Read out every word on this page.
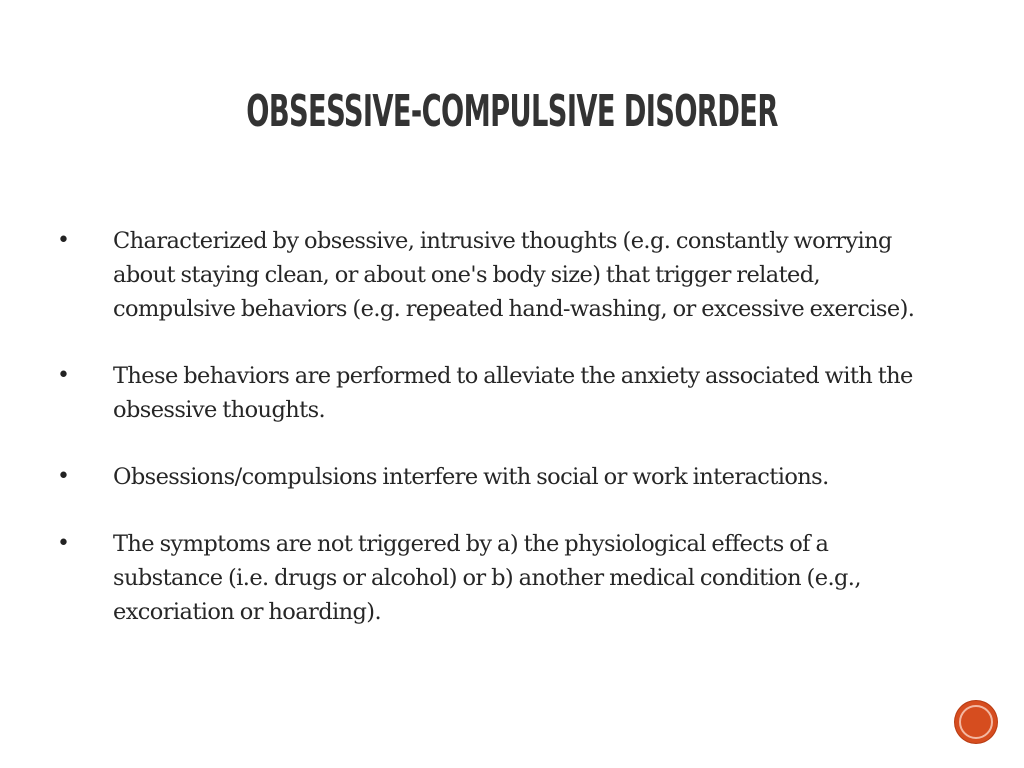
OBSESSIVE-COMPULSIVE DISORDER
• Characterized by obsessive, intrusive thoughts (e.g. constantly worrying about staying clean, or about one's body size) that trigger related, compulsive behaviors (e.g. repeated hand-washing, or excessive exercise).
• These behaviors are performed to alleviate the anxiety associated with the obsessive thoughts.
• Obsessions/compulsions interfere with social or work interactions.
• The symptoms are not triggered by a) the physiological effects of a substance (i.e. drugs or alcohol) or b) another medical condition (e.g., excoriation or hoarding).
